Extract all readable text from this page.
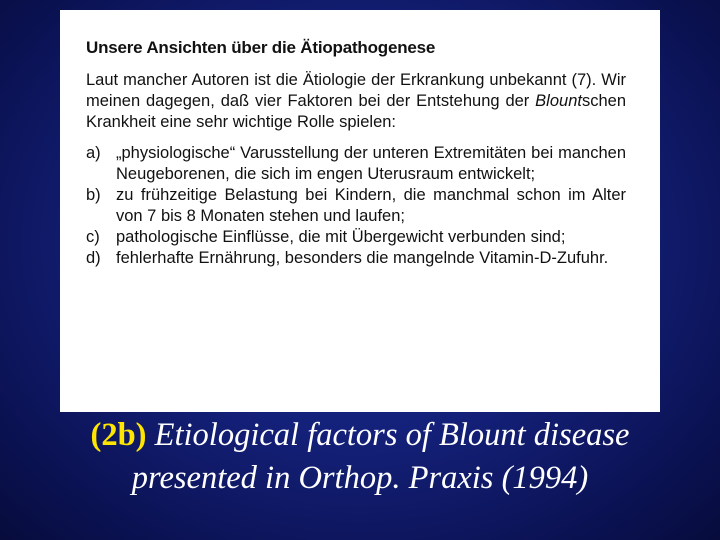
Unsere Ansichten über die Ätiopathogenese

Laut mancher Autoren ist die Ätiologie der Erkrankung unbekannt (7). Wir meinen dagegen, daß vier Faktoren bei der Entstehung der Blountschen Krankheit eine sehr wichtige Rolle spielen:

a) „physiologische“ Varusstellung der unteren Extremitäten bei manchen Neugeborenen, die sich im engen Uterusraum entwickelt;
b) zu frühzeitige Belastung bei Kindern, die manchmal schon im Alter von 7 bis 8 Monaten stehen und laufen;
c) pathologische Einflüsse, die mit Übergewicht verbunden sind;
d) fehlerhafte Ernährung, besonders die mangelnde Vitamin-D-Zufuhr.
(2b) Etiological factors of Blount disease
presented in Orthop. Praxis (1994)
